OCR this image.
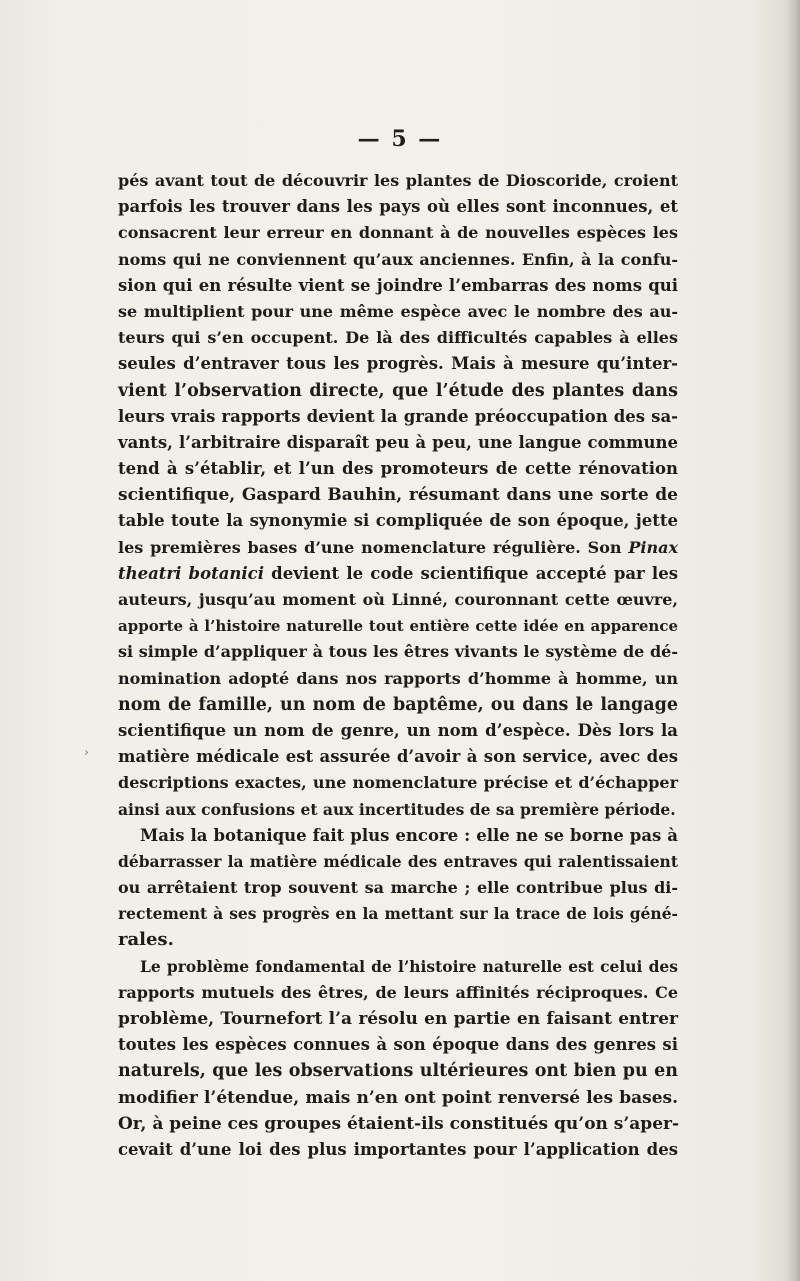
— 5 —
›
pés avant tout de découvrir les plantes de Dioscoride, croient
parfois les trouver dans les pays où elles sont inconnues, et
consacrent leur erreur en donnant à de nouvelles espèces les
noms qui ne conviennent qu’aux anciennes. Enfin, à la confu-
sion qui en résulte vient se joindre l’embarras des noms qui
se multiplient pour une même espèce avec le nombre des au-
teurs qui s’en occupent. De là des difficultés capables à elles
seules d’entraver tous les progrès. Mais à mesure qu’inter-
vient l’observation directe, que l’étude des plantes dans
leurs vrais rapports devient la grande préoccupation des sa-
vants, l’arbitraire disparaît peu à peu, une langue commune
tend à s’établir, et l’un des promoteurs de cette rénovation
scientifique, Gaspard Bauhin, résumant dans une sorte de
table toute la synonymie si compliquée de son époque, jette
les premières bases d’une nomenclature régulière. Son Pinax
theatri botanici devient le code scientifique accepté par les
auteurs, jusqu’au moment où Linné, couronnant cette œuvre,
apporte à l’histoire naturelle tout entière cette idée en apparence
si simple d’appliquer à tous les êtres vivants le système de dé-
nomination adopté dans nos rapports d’homme à homme, un
nom de famille, un nom de baptême, ou dans le langage
scientifique un nom de genre, un nom d’espèce. Dès lors la
matière médicale est assurée d’avoir à son service, avec des
descriptions exactes, une nomenclature précise et d’échapper
ainsi aux confusions et aux incertitudes de sa première période.
Mais la botanique fait plus encore : elle ne se borne pas à
débarrasser la matière médicale des entraves qui ralentissaient
ou arrêtaient trop souvent sa marche ; elle contribue plus di-
rectement à ses progrès en la mettant sur la trace de lois géné-
rales.
Le problème fondamental de l’histoire naturelle est celui des
rapports mutuels des êtres, de leurs affinités réciproques. Ce
problème, Tournefort l’a résolu en partie en faisant entrer
toutes les espèces connues à son époque dans des genres si
naturels, que les observations ultérieures ont bien pu en
modifier l’étendue, mais n’en ont point renversé les bases.
Or, à peine ces groupes étaient-ils constitués qu’on s’aper-
cevait d’une loi des plus importantes pour l’application des
